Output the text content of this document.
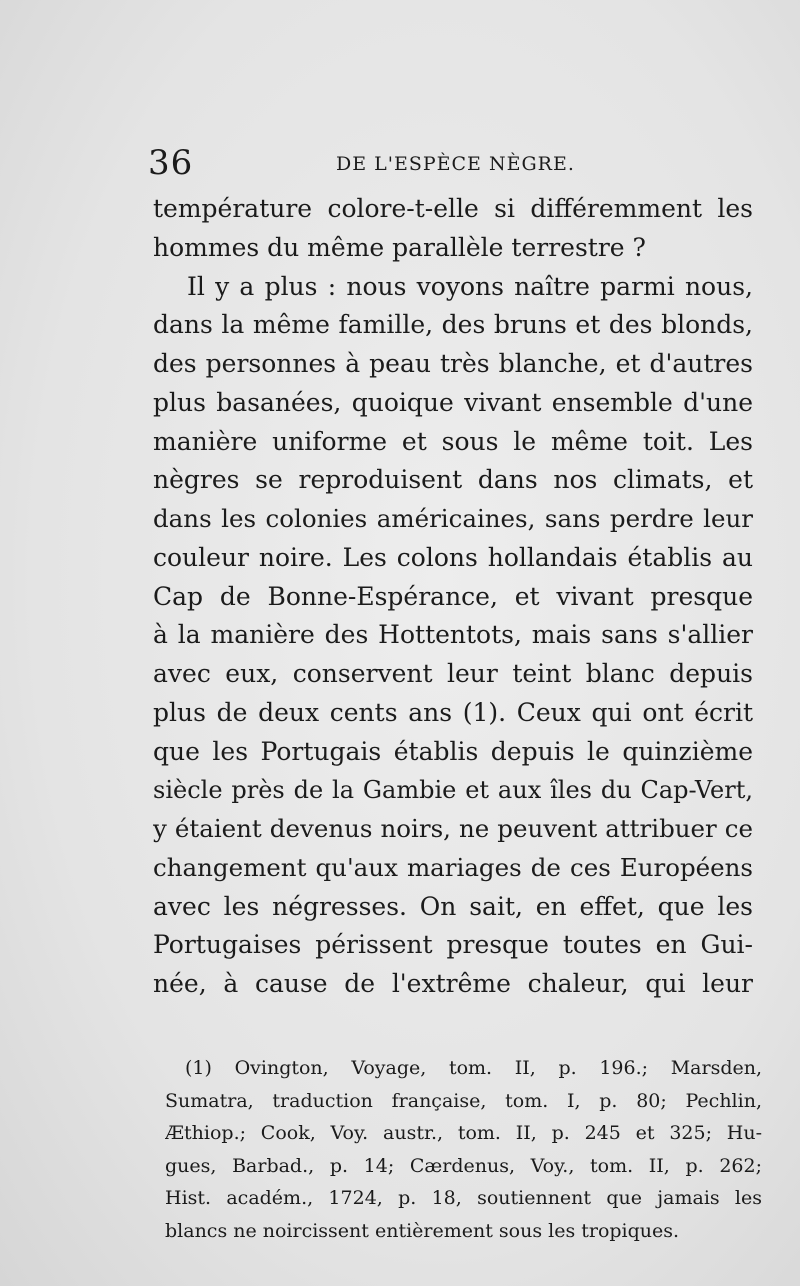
36	DE L'ESPÈCE NÈGRE.
température colore-t-elle si différemment les
hommes du même parallèle terrestre ?
Il y a plus : nous voyons naître parmi nous,
dans la même famille, des bruns et des blonds,
des personnes à peau très blanche, et d'autres
plus basanées, quoique vivant ensemble d'une
manière uniforme et sous le même toit. Les
nègres se reproduisent dans nos climats, et
dans les colonies américaines, sans perdre leur
couleur noire. Les colons hollandais établis au
Cap de Bonne-Espérance, et vivant presque
à la manière des Hottentots, mais sans s'allier
avec eux, conservent leur teint blanc depuis
plus de deux cents ans (1). Ceux qui ont écrit
que les Portugais établis depuis le quinzième
siècle près de la Gambie et aux îles du Cap-Vert,
y étaient devenus noirs, ne peuvent attribuer ce
changement qu'aux mariages de ces Européens
avec les négresses. On sait, en effet, que les
Portugaises périssent presque toutes en Gui-
née, à cause de l'extrême chaleur, qui leur
(1) Ovington, Voyage, tom. II, p. 196.; Marsden,
Sumatra, traduction française, tom. I, p. 80; Pechlin,
Æthiop.; Cook, Voy. austr., tom. II, p. 245 et 325; Hu-
gues, Barbad., p. 14; Cærdenus, Voy., tom. II, p. 262;
Hist. académ., 1724, p. 18, soutiennent que jamais les
blancs ne noircissent entièrement sous les tropiques.
